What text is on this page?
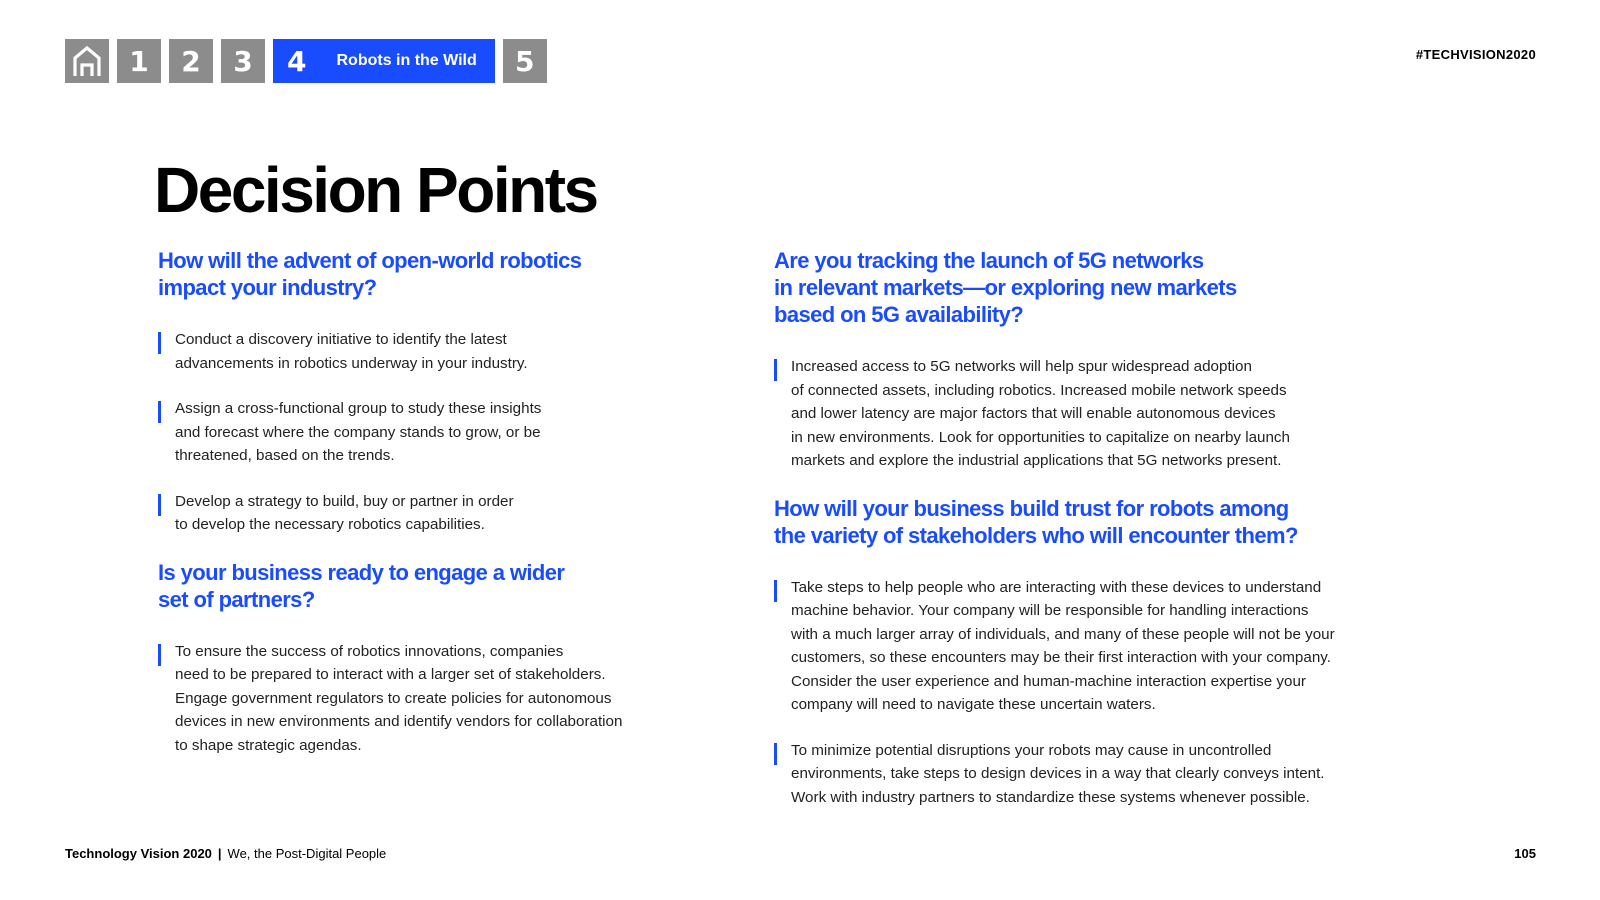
1 2 3 4 Robots in the Wild 5	#TECHVISION2020
Decision Points
How will the advent of open-world robotics
impact your industry?
Conduct a discovery initiative to identify the latest
advancements in robotics underway in your industry.
Assign a cross-functional group to study these insights
and forecast where the company stands to grow, or be
threatened, based on the trends.
Develop a strategy to build, buy or partner in order
to develop the necessary robotics capabilities.
Is your business ready to engage a wider
set of partners?
To ensure the success of robotics innovations, companies
need to be prepared to interact with a larger set of stakeholders.
Engage government regulators to create policies for autonomous
devices in new environments and identify vendors for collaboration
to shape strategic agendas.
Are you tracking the launch of 5G networks
in relevant markets—or exploring new markets
based on 5G availability?
Increased access to 5G networks will help spur widespread adoption
of connected assets, including robotics. Increased mobile network speeds
and lower latency are major factors that will enable autonomous devices
in new environments. Look for opportunities to capitalize on nearby launch
markets and explore the industrial applications that 5G networks present.
How will your business build trust for robots among
the variety of stakeholders who will encounter them?
Take steps to help people who are interacting with these devices to understand
machine behavior. Your company will be responsible for handling interactions
with a much larger array of individuals, and many of these people will not be your
customers, so these encounters may be their first interaction with your company.
Consider the user experience and human-machine interaction expertise your
company will need to navigate these uncertain waters.
To minimize potential disruptions your robots may cause in uncontrolled
environments, take steps to design devices in a way that clearly conveys intent.
Work with industry partners to standardize these systems whenever possible.
Technology Vision 2020 | We, the Post-Digital People	105
